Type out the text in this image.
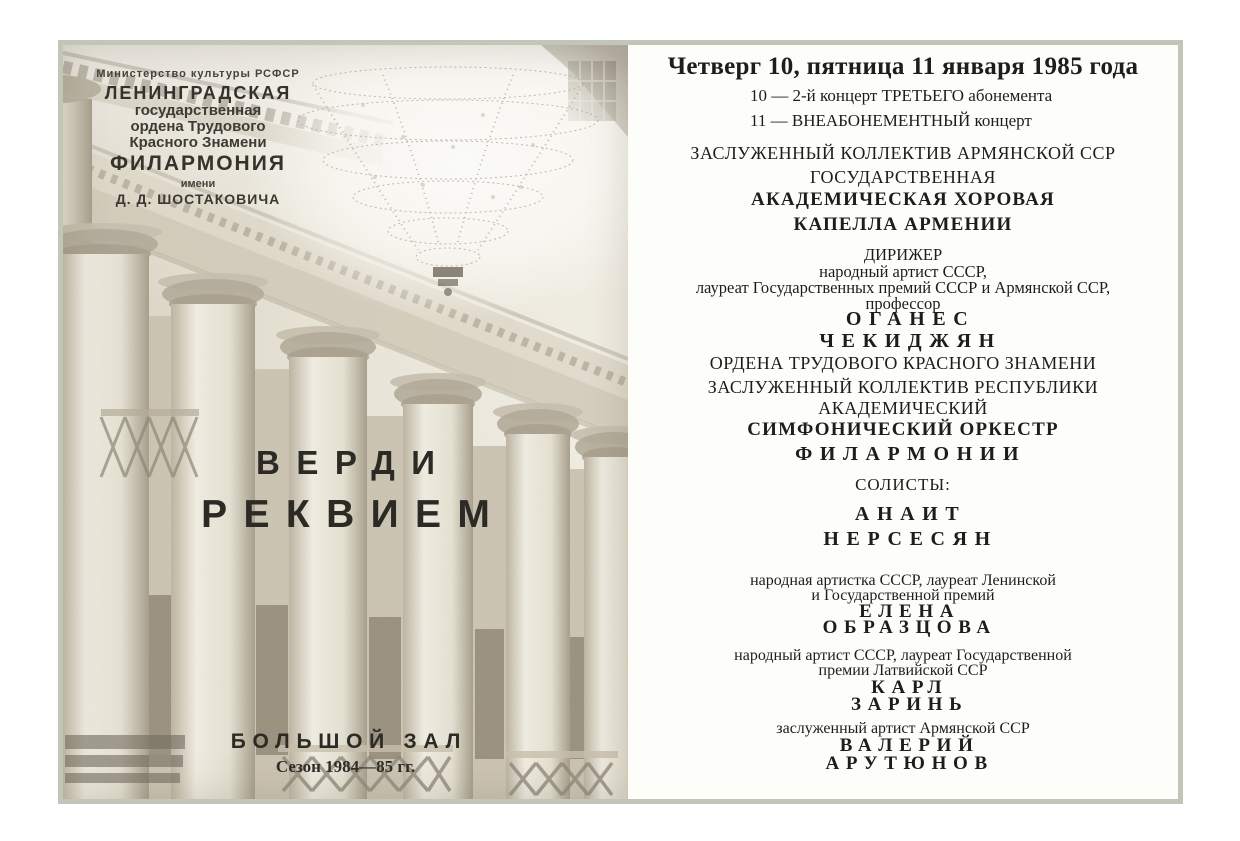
Министерство культуры РСФСР
ЛЕНИНГРАДСКАЯ
государственная
ордена Трудового
Красного Знамени
ФИЛАРМОНИЯ
имени
Д. Д. ШОСТАКОВИЧА
ВЕРДИ
РЕКВИЕМ
БОЛЬШОЙ ЗАЛ
Сезон 1984—85 гг.
Четверг 10, пятница 11 января 1985 года
10 — 2-й концерт ТРЕТЬЕГО абонемента
11 — ВНЕАБОНЕМЕНТНЫЙ концерт
ЗАСЛУЖЕННЫЙ КОЛЛЕКТИВ АРМЯНСКОЙ ССР
ГОСУДАРСТВЕННАЯ
АКАДЕМИЧЕСКАЯ ХОРОВАЯ
КАПЕЛЛА АРМЕНИИ
ДИРИЖЕР
народный артист СССР,
лауреат Государственных премий СССР и Армянской ССР,
профессор
ОГАНЕС
ЧЕКИДЖЯН
ОРДЕНА ТРУДОВОГО КРАСНОГО ЗНАМЕНИ
ЗАСЛУЖЕННЫЙ КОЛЛЕКТИВ РЕСПУБЛИКИ
АКАДЕМИЧЕСКИЙ
СИМФОНИЧЕСКИЙ ОРКЕСТР
ФИЛАРМОНИИ
СОЛИСТЫ:
АНАИТ
НЕРСЕСЯН
народная артистка СССР, лауреат Ленинской
и Государственной премий
ЕЛЕНА
ОБРАЗЦОВА
народный артист СССР, лауреат Государственной
премии Латвийской ССР
КАРЛ
ЗАРИНЬ
заслуженный артист Армянской ССР
ВАЛЕРИЙ
АРУТЮНОВ
